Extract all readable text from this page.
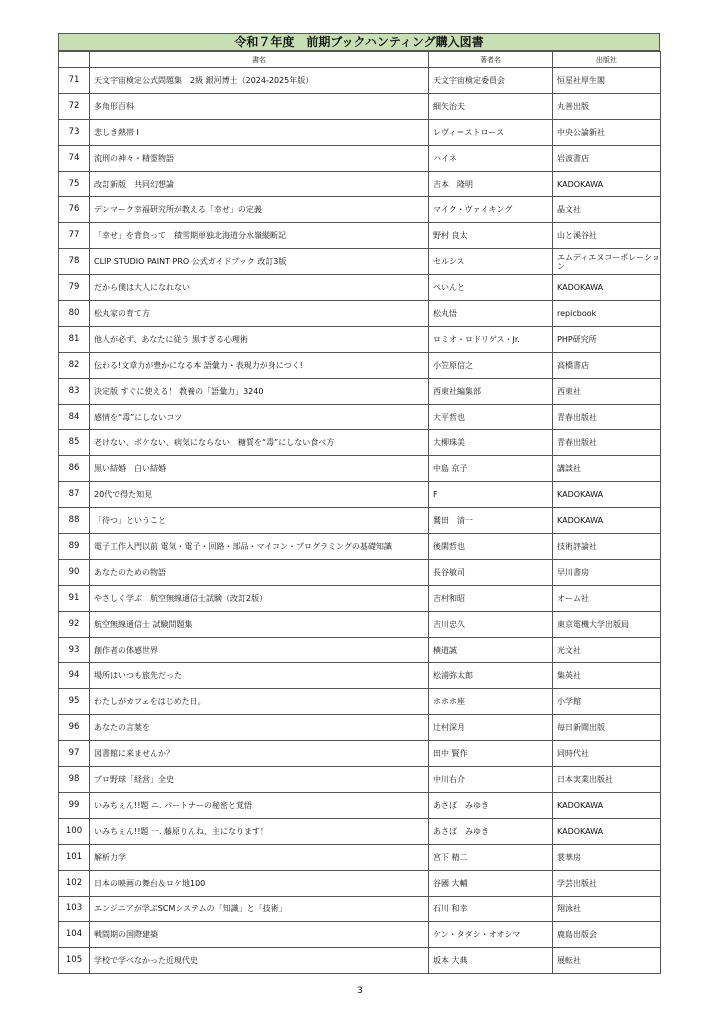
令和７年度　前期ブックハンティング購入図書
	書名	著者名	出版社
71	天文宇宙検定公式問題集　2級 銀河博士（2024-2025年版）	天文宇宙検定委員会	恒星社厚生閣
72	多角形百科	細矢治夫	丸善出版
73	悲しき熱帯 I	レヴィ＝ストロース	中央公論新社
74	流刑の神々・精霊物語	ハイネ	岩波書店
75	改訂新版　共同幻想論	吉本　隆明	KADOKAWA
76	デンマーク幸福研究所が教える「幸せ」の定義	マイク・ヴァイキング	晶文社
77	「幸せ」を背負って　積雪期単独北海道分水嶺縦断記	野村 良太	山と溪谷社
78	CLIP STUDIO PAINT PRO 公式ガイドブック 改訂3版	セルシス	エムディエヌコーポレーション
79	だから僕は大人になれない	ぺいんと	KADOKAWA
80	松丸家の育て方	松丸悟	repicbook
81	他人が必ず、あなたに従う 黒すぎる心理術	ロミオ・ロドリゲス・Jr.	PHP研究所
82	伝わる!文章力が豊かになる本 語彙力・表現力が身につく!	小笠原信之	高橋書店
83	決定版 すぐに使える！ 教養の「語彙力」3240	西東社編集部	西東社
84	感情を“毒”にしないコツ	大平哲也	青春出版社
85	老けない、ボケない、病気にならない　糖質を“毒”にしない食べ方	大柳珠美	青春出版社
86	黒い結婚　白い結婚	中島 京子	講談社
87	20代で得た知見	F	KADOKAWA
88	「待つ」ということ	鷲田　清一	KADOKAWA
89	電子工作入門以前 電気・電子・回路・部品・マイコン・プログラミングの基礎知識	後閑哲也	技術評論社
90	あなたのための物語	長谷敏司	早川書房
91	やさしく学ぶ　航空無線通信士試験（改訂2版）	吉村和昭	オーム社
92	航空無線通信士 試験問題集	吉川忠久	東京電機大学出版局
93	創作者の体感世界	横道誠	光文社
94	場所はいつも旅先だった	松浦弥太郎	集英社
95	わたしがカフェをはじめた日。	ホホホ座	小学館
96	あなたの言葉を	辻村深月	毎日新聞出版
97	図書館に来ませんか？	田中 賢作	同時代社
98	プロ野球「経営」全史	中川右介	日本実業出版社
99	いみちぇん!!題 ニ. パートナーの秘密と覚悟	あさば　みゆき	KADOKAWA
100	いみちぇん!!題 一. 藤原りんね、主になります！	あさば　みゆき	KADOKAWA
101	解析力学	宮下 精二	裳華房
102	日本の映画の舞台＆ロケ地100	谷國 大輔	学芸出版社
103	エンジニアが学ぶSCMシステムの「知識」と「技術」	石川 和幸	翔泳社
104	戦間期の国際建築	ケン・タダシ・オオシマ	鹿島出版会
105	学校で学べなかった近現代史	坂本 大典	展転社
3
